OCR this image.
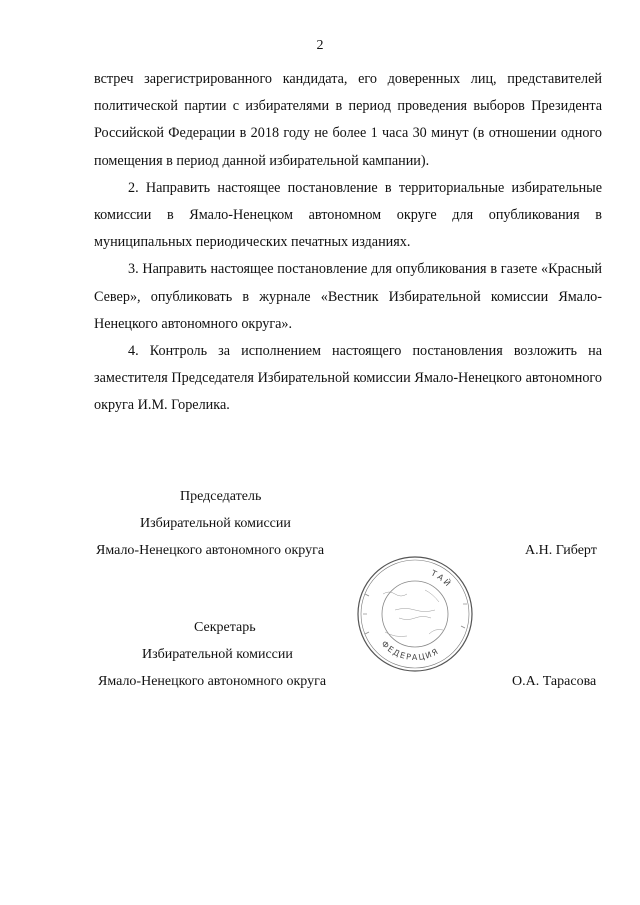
2

встреч зарегистрированного кандидата, его доверенных лиц, представителей политической партии с избирателями в период проведения выборов Президента Российской Федерации в 2018 году не более 1 часа 30 минут (в отношении одного помещения в период данной избирательной кампании).

2. Направить настоящее постановление в территориальные избирательные комиссии в Ямало-Ненецком автономном округе для опубликования в муниципальных периодических печатных изданиях.

3. Направить настоящее постановление для опубликования в газете «Красный Север», опубликовать в журнале «Вестник Избирательной комиссии Ямало-Ненецкого автономного округа».

4. Контроль за исполнением настоящего постановления возложить на заместителя Председателя Избирательной комиссии Ямало-Ненецкого автономного округа И.М. Горелика.

Председатель
Избирательной комиссии
Ямало-Ненецкого автономного округа	А.Н. Гиберт
Секретарь
Избирательной комиссии
Ямало-Ненецкого автономного округа	О.А. Тарасова
ТАЙ
ФЕДЕРАЦИЯ
